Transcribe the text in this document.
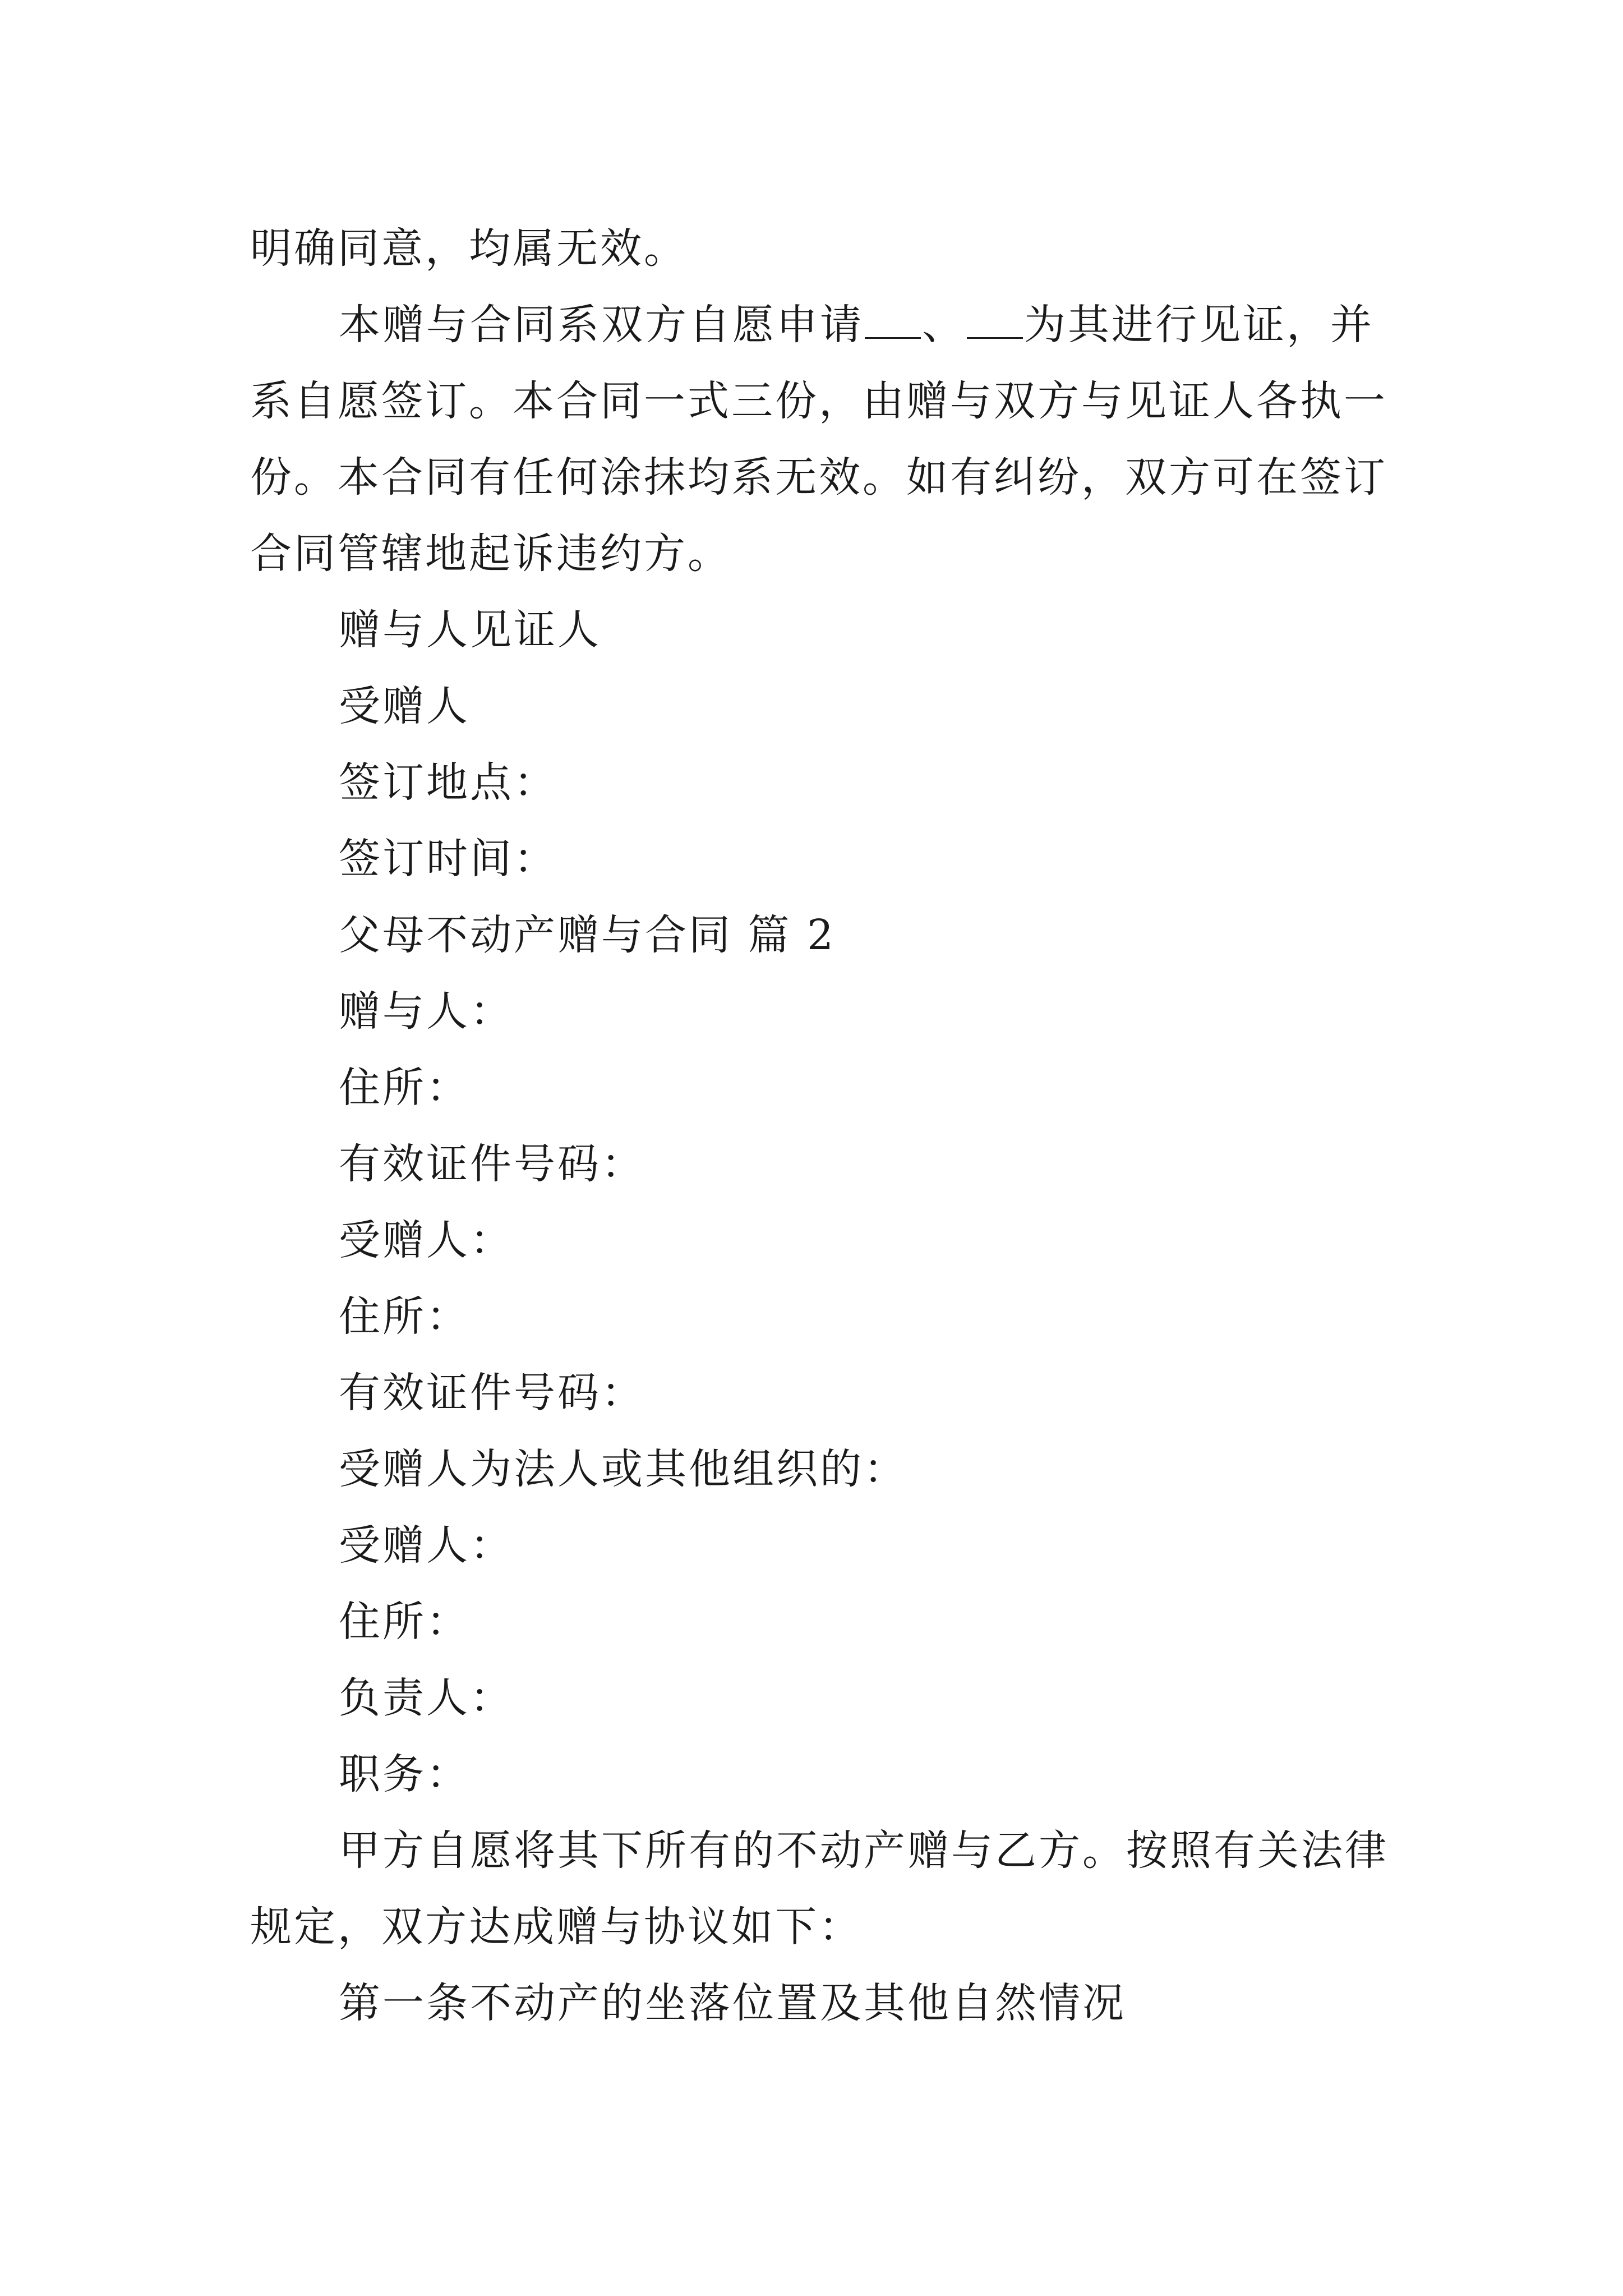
明确同意，均属无效。

本赠与合同系双方自愿申请 、 为其进行见证，并系自愿签订。本合同一式三份，由赠与双方与见证人各执一份。本合同有任何涂抹均系无效。如有纠纷，双方可在签订合同管辖地起诉违约方。

赠与人见证人

受赠人

签订地点：

签订时间：

父母不动产赠与合同 篇 2

赠与人：

住所：

有效证件号码：

受赠人：

住所：

有效证件号码：

受赠人为法人或其他组织的：

受赠人：

住所：

负责人：

职务：

甲方自愿将其下所有的不动产赠与乙方。按照有关法律规定，双方达成赠与协议如下：

第一条不动产的坐落位置及其他自然情况
